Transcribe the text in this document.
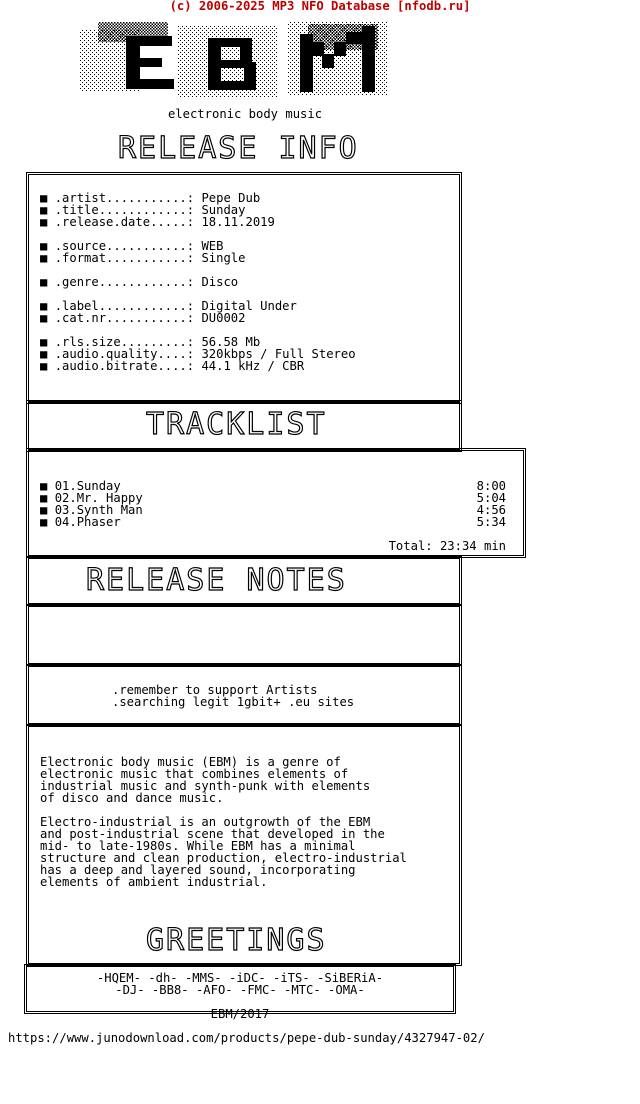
(c) 2006-2025 MP3 NFO Database [nfodb.ru]
electronic body music
RELEASE INFO
■ .artist...........: Pepe Dub
■ .title............: Sunday
■ .release.date.....: 18.11.2019
■ .source...........: WEB
■ .format...........: Single
■ .genre............: Disco
■ .label............: Digital Under
■ .cat.nr...........: DU0002
■ .rls.size.........: 56.58 Mb
■ .audio.quality....: 320kbps / Full Stereo
■ .audio.bitrate....: 44.1 kHz / CBR
TRACKLIST
■ 01.Sunday	8:00
■ 02.Mr. Happy	5:04
■ 03.Synth Man	4:56
■ 04.Phaser	5:34
Total: 23:34 min
RELEASE NOTES
.remember to support Artists
.searching legit 1gbit+ .eu sites
Electronic body music (EBM) is a genre of
electronic music that combines elements of
industrial music and synth-punk with elements
of disco and dance music.
Electro-industrial is an outgrowth of the EBM
and post-industrial scene that developed in the
mid- to late-1980s. While EBM has a minimal
structure and clean production, electro-industrial
has a deep and layered sound, incorporating
elements of ambient industrial.
GREETINGS
-HQEM- -dh- -MMS- -iDC- -iTS- -SiBERiA-
-DJ- -BB8- -AFO- -FMC- -MTC- -OMA-
EBM/2017
https://www.junodownload.com/products/pepe-dub-sunday/4327947-02/
